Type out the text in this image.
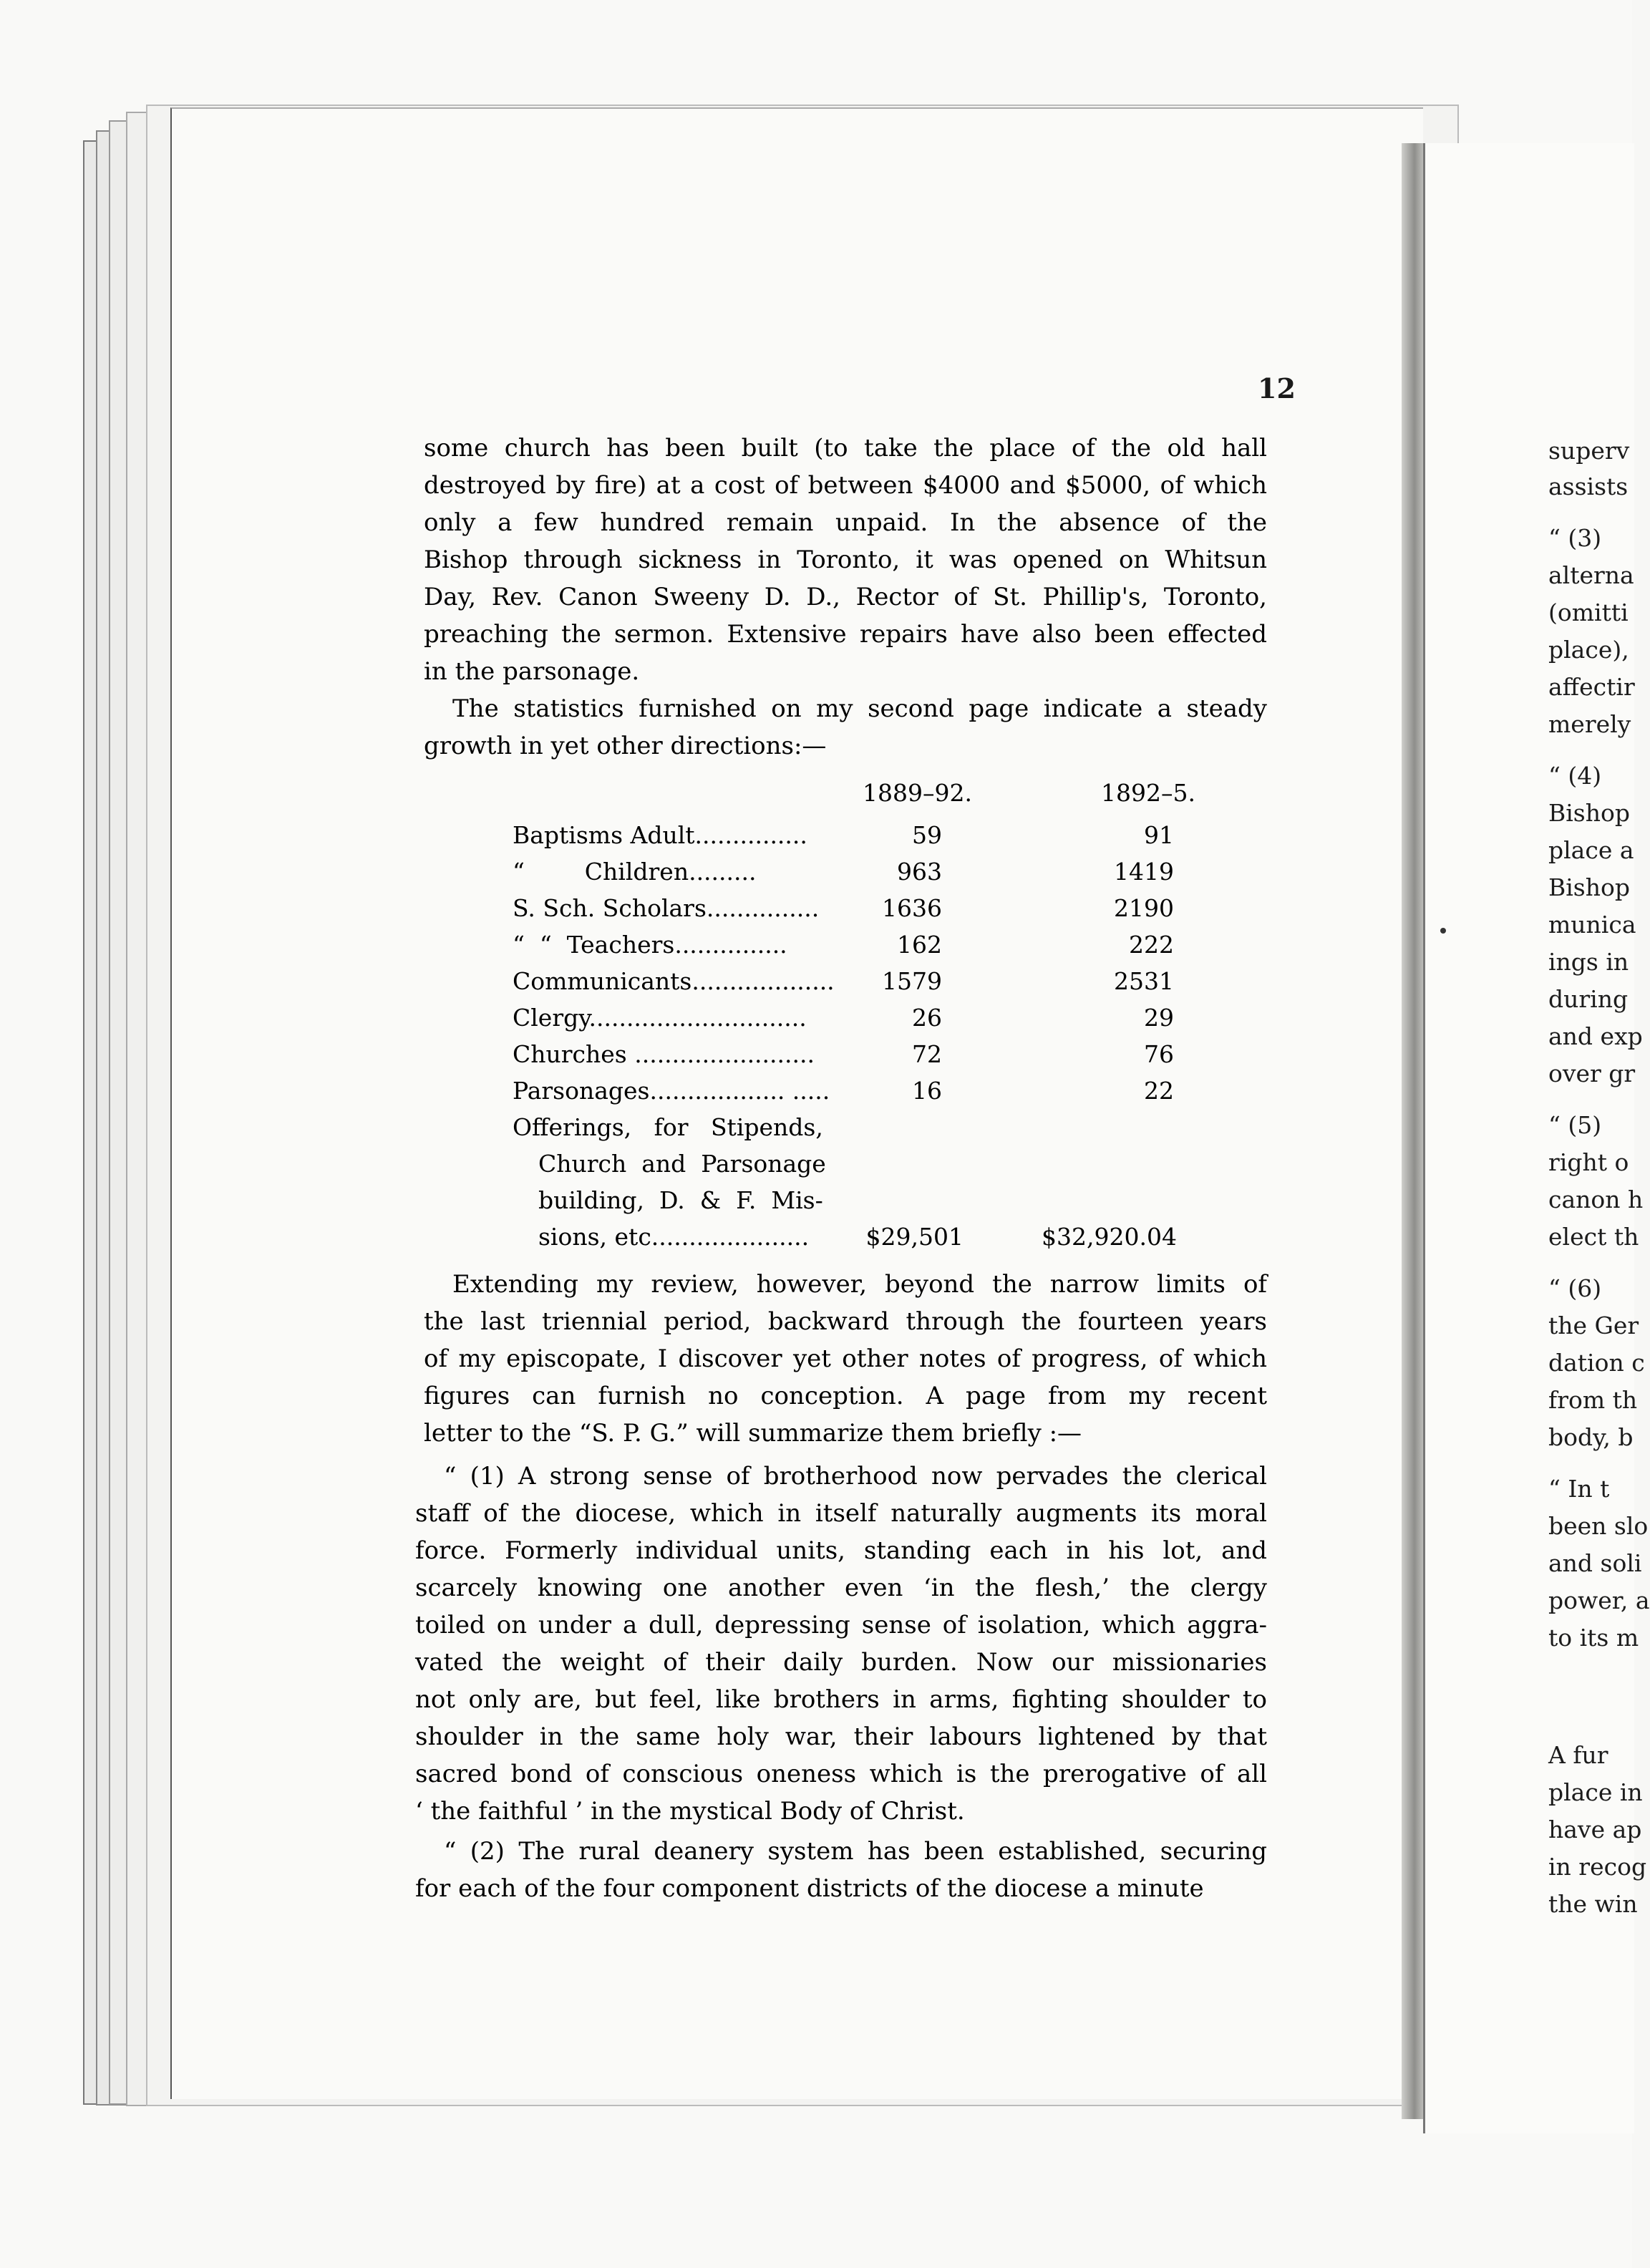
superv
assists
“ (3)
alterna
(omitti
place),
affectir
merely
“ (4)
Bishop
place a
Bishop
munica
ings in
during
and exp
over gr
“ (5)
right o
canon h
elect th
“ (6)
the Ger
dation c
from th
body, b
“ In t
been slo
and soli
power, a
to its m
A fur
place in
have ap
in recog
the win
12
some church has been built (to take the place of the old hall
destroyed by fire) at a cost of between $4000 and $5000, of which
only a few hundred remain unpaid. In the absence of the
Bishop through sickness in Toronto, it was opened on Whitsun
Day, Rev. Canon Sweeny D. D., Rector of St. Phillip's, Toronto,
preaching the sermon. Extensive repairs have also been effected
in the parsonage.
The statistics furnished on my second page indicate a steady
growth in yet other directions:—
1889–92.	1892–5.
Baptisms Adult...............	59	91
“        Children.........	963	1419
S. Sch. Scholars...............	1636	2190
“  “  Teachers...............	162	222
Communicants................... 1579	2531
Clergy.............................	26	29
Churches ........................	72	76
Parsonages.................. .....	16	22
Offerings,   for   Stipends,
Church  and  Parsonage
building,  D.  &  F.  Mis-
sions, etc..................... $29,501	$32,920.04
Extending my review, however, beyond the narrow limits of
the last triennial period, backward through the fourteen years
of my episcopate, I discover yet other notes of progress, of which
figures can furnish no conception. A page from my recent
letter to the “S. P. G.” will summarize them briefly :—
“ (1) A strong sense of brotherhood now pervades the clerical
staff of the diocese, which in itself naturally augments its moral
force. Formerly individual units, standing each in his lot, and
scarcely knowing one another even ‘in the flesh,’ the clergy
toiled on under a dull, depressing sense of isolation, which aggra-
vated the weight of their daily burden. Now our missionaries
not only are, but feel, like brothers in arms, fighting shoulder to
shoulder in the same holy war, their labours lightened by that
sacred bond of conscious oneness which is the prerogative of all
‘ the faithful ’ in the mystical Body of Christ.
“ (2) The rural deanery system has been established, securing
for each of the four component districts of the diocese a minute
